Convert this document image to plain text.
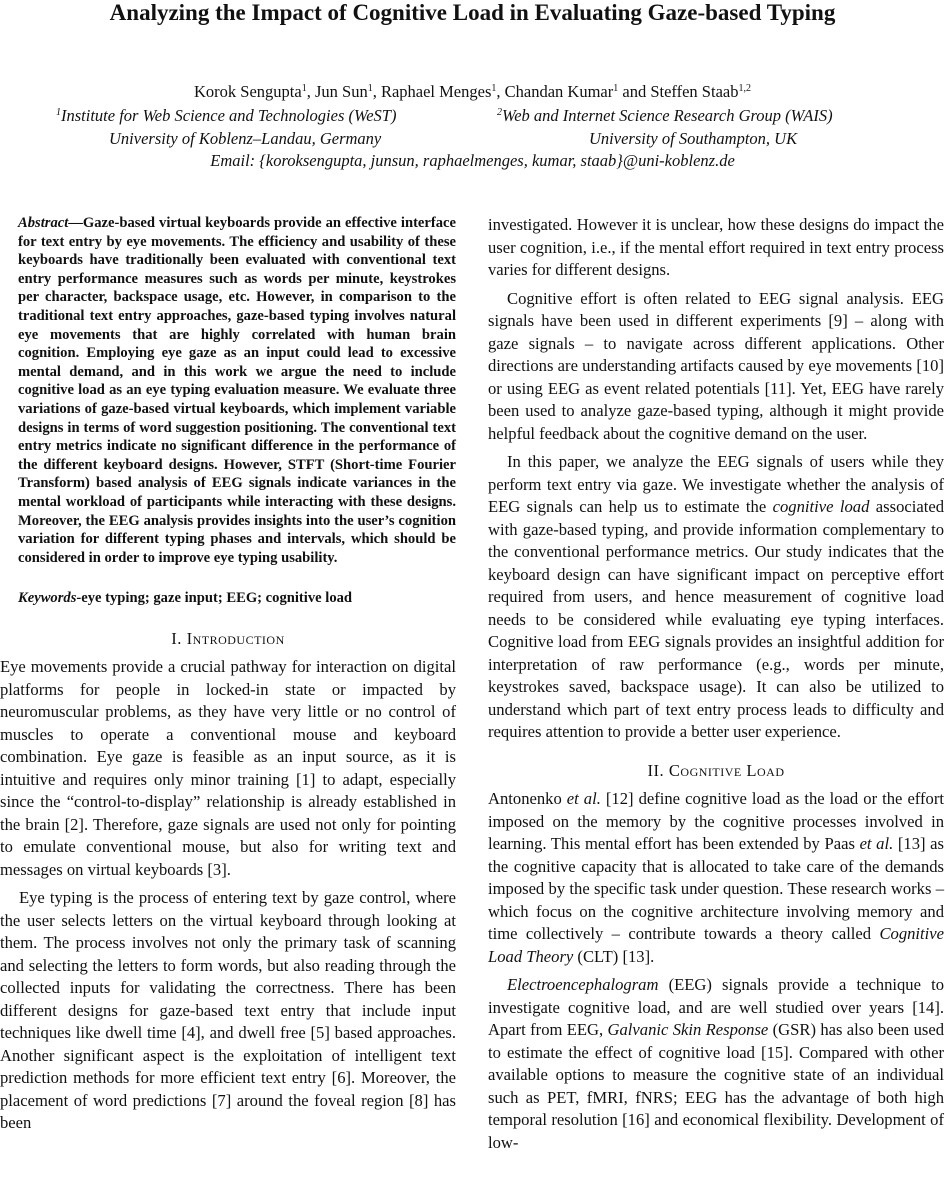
Analyzing the Impact of Cognitive Load in Evaluating Gaze-based Typing
Korok Sengupta$^1$, Jun Sun$^1$, Raphael Menges$^1$, Chandan Kumar$^1$ and Steffen Staab$^{1,2}$
$^1$Institute for Web Science and Technologies (WeST)	$^2$Web and Internet Science Research Group (WAIS)
University of Koblenz–Landau, Germany	University of Southampton, UK
Email: {koroksengupta, junsun, raphaelmenges, kumar, staab}@uni-koblenz.de

Abstract—Gaze-based virtual keyboards provide an effective interface for text entry by eye movements. The efficiency and usability of these keyboards have traditionally been evaluated with conventional text entry performance measures such as words per minute, keystrokes per character, backspace usage, etc. However, in comparison to the traditional text entry approaches, gaze-based typing involves natural eye movements that are highly correlated with human brain cognition. Employing eye gaze as an input could lead to excessive mental demand, and in this work we argue the need to include cognitive load as an eye typing evaluation measure. We evaluate three variations of gaze-based virtual keyboards, which implement variable designs in terms of word suggestion positioning. The conventional text entry metrics indicate no significant difference in the performance of the different keyboard designs. However, STFT (Short-time Fourier Transform) based analysis of EEG signals indicate variances in the mental workload of participants while interacting with these designs. Moreover, the EEG analysis provides insights into the user’s cognition variation for different typing phases and intervals, which should be considered in order to improve eye typing usability.

Keywords-eye typing; gaze input; EEG; cognitive load

I. Introduction

Eye movements provide a crucial pathway for interaction on digital platforms for people in locked-in state or impacted by neuromuscular problems, as they have very little or no control of muscles to operate a conventional mouse and keyboard combination. Eye gaze is feasible as an input source, as it is intuitive and requires only minor training [1] to adapt, especially since the “control-to-display” relationship is already established in the brain [2]. Therefore, gaze signals are used not only for pointing to emulate conventional mouse, but also for writing text and messages on virtual keyboards [3].

Eye typing is the process of entering text by gaze control, where the user selects letters on the virtual keyboard through looking at them. The process involves not only the primary task of scanning and selecting the letters to form words, but also reading through the collected inputs for validating the correctness. There has been different designs for gaze-based text entry that include input techniques like dwell time [4], and dwell free [5] based approaches. Another significant aspect is the exploitation of intelligent text prediction methods for more efficient text entry [6]. Moreover, the placement of word predictions [7] around the foveal region [8] has been

investigated. However it is unclear, how these designs do impact the user cognition, i.e., if the mental effort required in text entry process varies for different designs.

Cognitive effort is often related to EEG signal analysis. EEG signals have been used in different experiments [9] – along with gaze signals – to navigate across different applications. Other directions are understanding artifacts caused by eye movements [10] or using EEG as event related potentials [11]. Yet, EEG have rarely been used to analyze gaze-based typing, although it might provide helpful feedback about the cognitive demand on the user.

In this paper, we analyze the EEG signals of users while they perform text entry via gaze. We investigate whether the analysis of EEG signals can help us to estimate the cognitive load associated with gaze-based typing, and provide information complementary to the conventional performance metrics. Our study indicates that the keyboard design can have significant impact on perceptive effort required from users, and hence measurement of cognitive load needs to be considered while evaluating eye typing interfaces. Cognitive load from EEG signals provides an insightful addition for interpretation of raw performance (e.g., words per minute, keystrokes saved, backspace usage). It can also be utilized to understand which part of text entry process leads to difficulty and requires attention to provide a better user experience.

II. Cognitive Load

Antonenko et al. [12] define cognitive load as the load or the effort imposed on the memory by the cognitive processes involved in learning. This mental effort has been extended by Paas et al. [13] as the cognitive capacity that is allocated to take care of the demands imposed by the specific task under question. These research works – which focus on the cognitive architecture involving memory and time collectively – contribute towards a theory called Cognitive Load Theory (CLT) [13].

Electroencephalogram (EEG) signals provide a technique to investigate cognitive load, and are well studied over years [14]. Apart from EEG, Galvanic Skin Response (GSR) has also been used to estimate the effect of cognitive load [15]. Compared with other available options to measure the cognitive state of an individual such as PET, fMRI, fNRS; EEG has the advantage of both high temporal resolution [16] and economical flexibility. Development of low-
